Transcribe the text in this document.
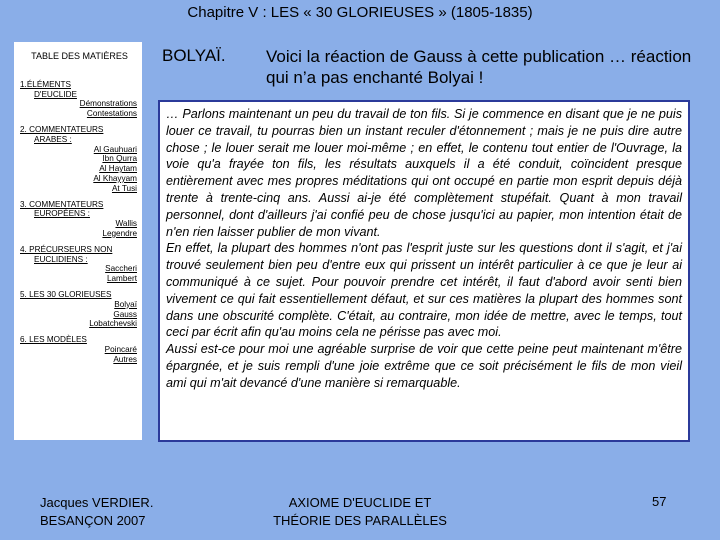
Chapitre V : LES « 30 GLORIEUSES » (1805-1835)
TABLE DES MATIÈRES
1.ÉLÉMENTS
D'EUCLIDE
Démonstrations
Contestations
2. COMMENTATEURS
ARABES :
Al Gauhuari
Ibn Qurra
Al Haytam
Al Khayyam
At Tusi
3. COMMENTATEURS
EUROPÉENS :
Wallis
Legendre
4. PRÉCURSEURS NON
EUCLIDIENS :
Saccheri
Lambert
5. LES 30 GLORIEUSES
Bolyaï
Gauss
Lobatchevski
6. LES MODÈLES
Poincaré
Autres
BOLYAÏ. Voici la réaction de Gauss à cette publication … réaction qui n’a pas enchanté Bolyai !

… Parlons maintenant un peu du travail de ton fils. Si je commence en disant que je ne puis louer ce travail, tu pourras bien un instant reculer d'étonnement ; mais je ne puis dire autre chose ; le louer serait me louer moi-même ; en effet, le contenu tout entier de l'Ouvrage, la voie qu'a frayée ton fils, les résultats auxquels il a été conduit, coïncident presque entièrement avec mes propres méditations qui ont occupé en partie mon esprit depuis déjà trente à trente-cinq ans. Aussi ai-je été complètement stupéfait. Quant à mon travail personnel, dont d'ailleurs j'ai confié peu de chose jusqu'ici au papier, mon intention était de n'en rien laisser publier de mon vivant.

En effet, la plupart des hommes n'ont pas l'esprit juste sur les questions dont il s'agit, et j'ai trouvé seulement bien peu d'entre eux qui prissent un intérêt particulier à ce que je leur ai communiqué à ce sujet. Pour pouvoir prendre cet intérêt, il faut d'abord avoir senti bien vivement ce qui fait essentiellement défaut, et sur ces matières la plupart des hommes sont dans une obscurité complète. C'était, au contraire, mon idée de mettre, avec le temps, tout ceci par écrit afin qu'au moins cela ne périsse pas avec moi.

Aussi est-ce pour moi une agréable surprise de voir que cette peine peut maintenant m'être épargnée, et je suis rempli d'une joie extrême que ce soit précisément le fils de mon vieil ami qui m'ait devancé d'une manière si remarquable.

Jacques VERDIER.
BESANÇON 2007
AXIOME D'EUCLIDE ET
THÉORIE DES PARALLÈLES
57
